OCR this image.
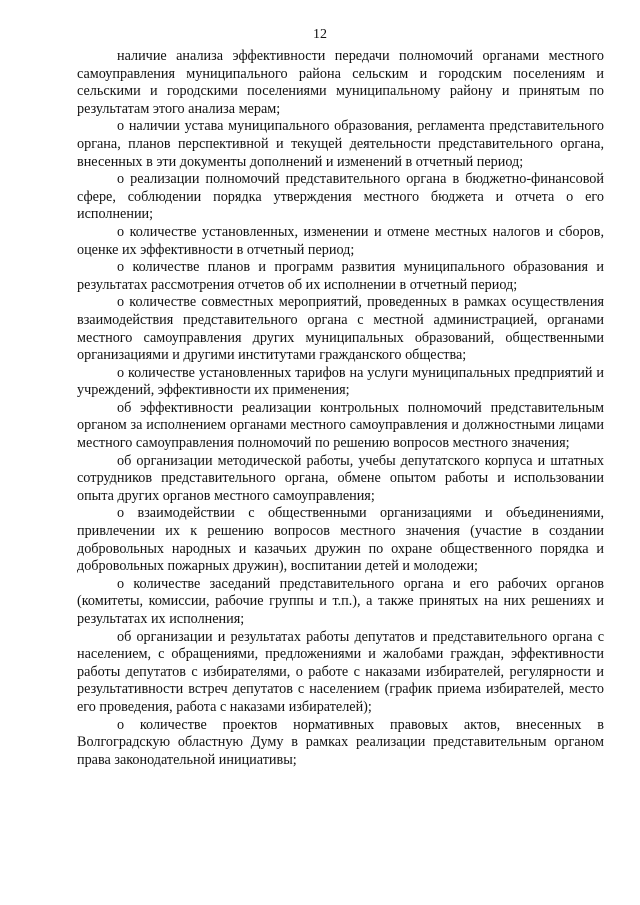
12

наличие анализа эффективности передачи полномочий органами местного самоуправления муниципального района сельским и городским поселениям и сельскими и городскими поселениями муниципальному району и принятым по результатам этого анализа мерам;

о наличии устава муниципального образования, регламента представительного органа, планов перспективной и текущей деятельности представительного органа, внесенных в эти документы дополнений и изменений в отчетный период;

о реализации полномочий представительного органа в бюджетно-финансовой сфере, соблюдении порядка утверждения местного бюджета и отчета о его исполнении;

о количестве установленных, изменении и отмене местных налогов и сборов, оценке их эффективности в отчетный период;

о количестве планов и программ развития муниципального образования и результатах рассмотрения отчетов об их исполнении в отчетный период;

о количестве совместных мероприятий, проведенных в рамках осуществления взаимодействия представительного органа с местной администрацией, органами местного самоуправления других муниципальных образований, общественными организациями и другими институтами гражданского общества;

о количестве установленных тарифов на услуги муниципальных предприятий и учреждений, эффективности их применения;

об эффективности реализации контрольных полномочий представительным органом за исполнением органами местного самоуправления и должностными лицами местного самоуправления полномочий по решению вопросов местного значения;

об организации методической работы, учебы депутатского корпуса и штатных сотрудников представительного органа, обмене опытом работы и использовании опыта других органов местного самоуправления;

о взаимодействии с общественными организациями и объединениями, привлечении их к решению вопросов местного значения (участие в создании добровольных народных и казачьих дружин по охране общественного порядка и добровольных пожарных дружин), воспитании детей и молодежи;

о количестве заседаний представительного органа и его рабочих органов (комитеты, комиссии, рабочие группы и т.п.), а также принятых на них решениях и результатах их исполнения;

об организации и результатах работы депутатов и представительного органа с населением, с обращениями, предложениями и жалобами граждан, эффективности работы депутатов с избирателями, о работе с наказами избирателей, регулярности и результативности встреч депутатов с населением (график приема избирателей, место его проведения, работа с наказами избирателей);

о количестве проектов нормативных правовых актов, внесенных в Волгоградскую областную Думу в рамках реализации представительным органом права законодательной инициативы;
